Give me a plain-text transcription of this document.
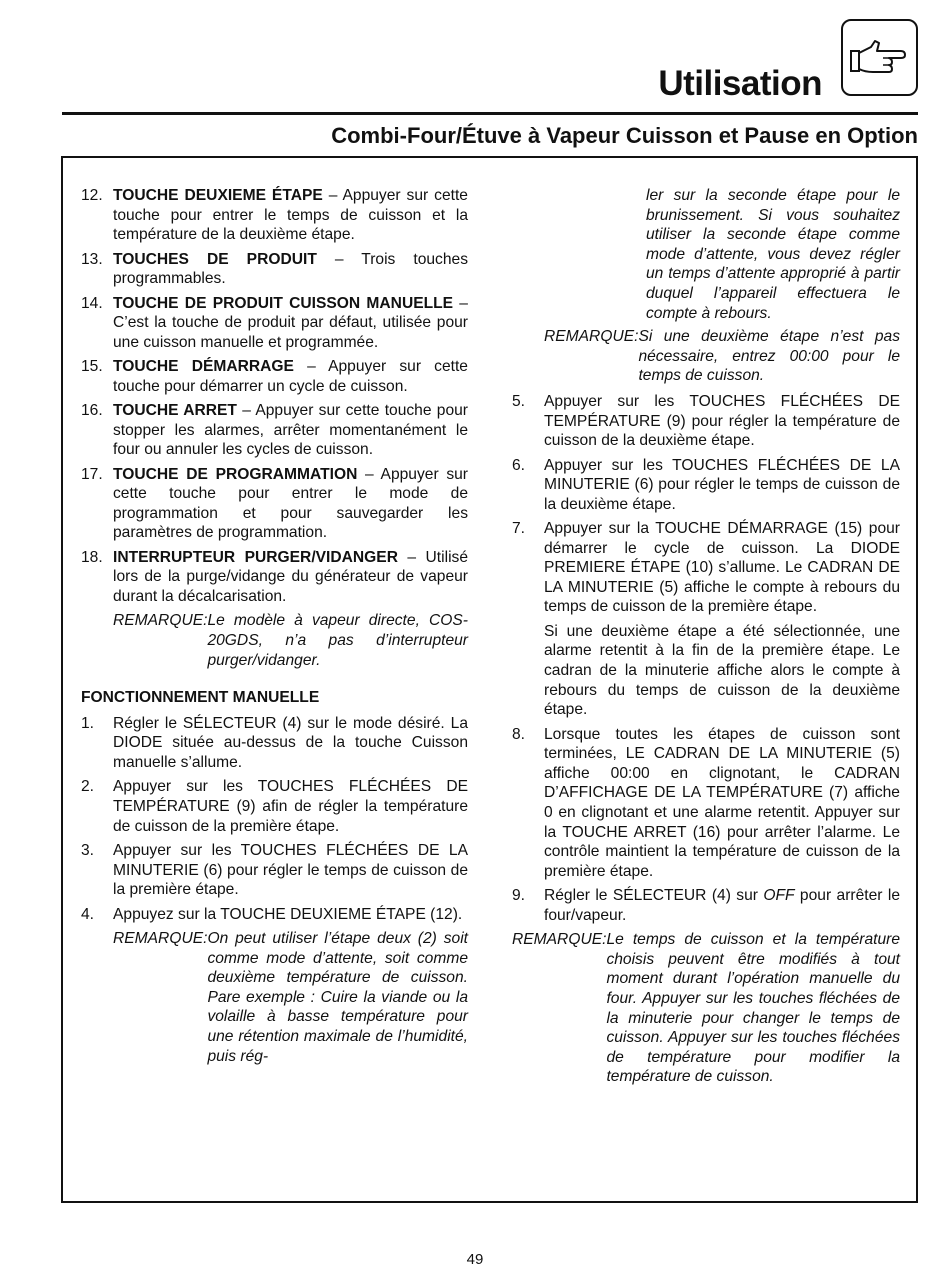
Utilisation
Combi-Four/Étuve à Vapeur Cuisson et Pause en Option
12. TOUCHE DEUXIEME ÉTAPE – Appuyer sur cette touche pour entrer le temps de cuisson et la température de la deuxième étape.
13. TOUCHES DE PRODUIT – Trois touches programmables.
14. TOUCHE DE PRODUIT CUISSON MANUELLE – C’est la touche de produit par défaut, utilisée pour une cuisson manuelle et programmée.
15. TOUCHE DÉMARRAGE – Appuyer sur cette touche pour démarrer un cycle de cuisson.
16. TOUCHE ARRET – Appuyer sur cette touche pour stopper les alarmes, arrêter momentanément le four ou annuler les cycles de cuisson.
17. TOUCHE DE PROGRAMMATION – Appuyer sur cette touche pour entrer le mode de programmation et pour sauvegarder les paramètres de programmation.
18. INTERRUPTEUR PURGER/VIDANGER – Utilisé lors de la purge/vidange du générateur de vapeur durant la décalcarisation.
REMARQUE: Le modèle à vapeur directe, COS-20GDS, n’a pas d’interrupteur purger/vidanger.
FONCTIONNEMENT MANUELLE
1.	Régler le SÉLECTEUR (4) sur le mode désiré. La DIODE située au-dessus de la touche Cuisson manuelle s’allume.
2.	Appuyer sur les TOUCHES FLÉCHÉES DE TEMPÉRATURE (9) afin de régler la température de cuisson de la première étape.
3.	Appuyer sur les TOUCHES FLÉCHÉES DE LA MINUTERIE (6) pour régler le temps de cuisson de la première étape.
4.	Appuyez sur la TOUCHE DEUXIEME ÉTAPE (12).
REMARQUE: On peut utiliser l’étape deux (2) soit comme mode d’attente, soit comme deuxième température de cuisson. Pare exemple : Cuire la viande ou la volaille à basse température pour une rétention maximale de l’humidité, puis rég-
ler sur la seconde étape pour le brunissement. Si vous souhaitez utiliser la seconde étape comme mode d’attente, vous devez régler un temps d’attente approprié à partir duquel l’appareil effectuera le compte à rebours.
REMARQUE: Si une deuxième étape n’est pas nécessaire, entrez 00:00 pour le temps de cuisson.
5.	Appuyer sur les TOUCHES FLÉCHÉES DE TEMPÉRATURE (9) pour régler la température de cuisson de la deuxième étape.
6.	Appuyer sur les TOUCHES FLÉCHÉES DE LA MINUTERIE (6) pour régler le temps de cuisson de la deuxième étape.
7.	Appuyer sur la TOUCHE DÉMARRAGE (15) pour démarrer le cycle de cuisson. La DIODE PREMIERE ÉTAPE (10) s’allume. Le CADRAN DE LA MINUTERIE (5) affiche le compte à rebours du temps de cuisson de la première étape.
Si une deuxième étape a été sélectionnée, une alarme retentit à la fin de la première étape. Le cadran de la minuterie affiche alors le compte à rebours du temps de cuisson de la deuxième étape.
8.	Lorsque toutes les étapes de cuisson sont terminées, LE CADRAN DE LA MINUTERIE (5) affiche 00:00 en clignotant, le CADRAN D’AFFICHAGE DE LA TEMPÉRATURE (7) affiche 0 en clignotant et une alarme retentit. Appuyer sur la TOUCHE ARRET (16) pour arrêter l’alarme. Le contrôle maintient la température de cuisson de la première étape.
9.	Régler le SÉLECTEUR (4) sur OFF pour arrêter le four/vapeur.
REMARQUE: Le temps de cuisson et la température choisis peuvent être modifiés à tout moment durant l’opération manuelle du four. Appuyer sur les touches fléchées de la minuterie pour changer le temps de cuisson. Appuyer sur les touches fléchées de température pour modifier la température de cuisson.
49
